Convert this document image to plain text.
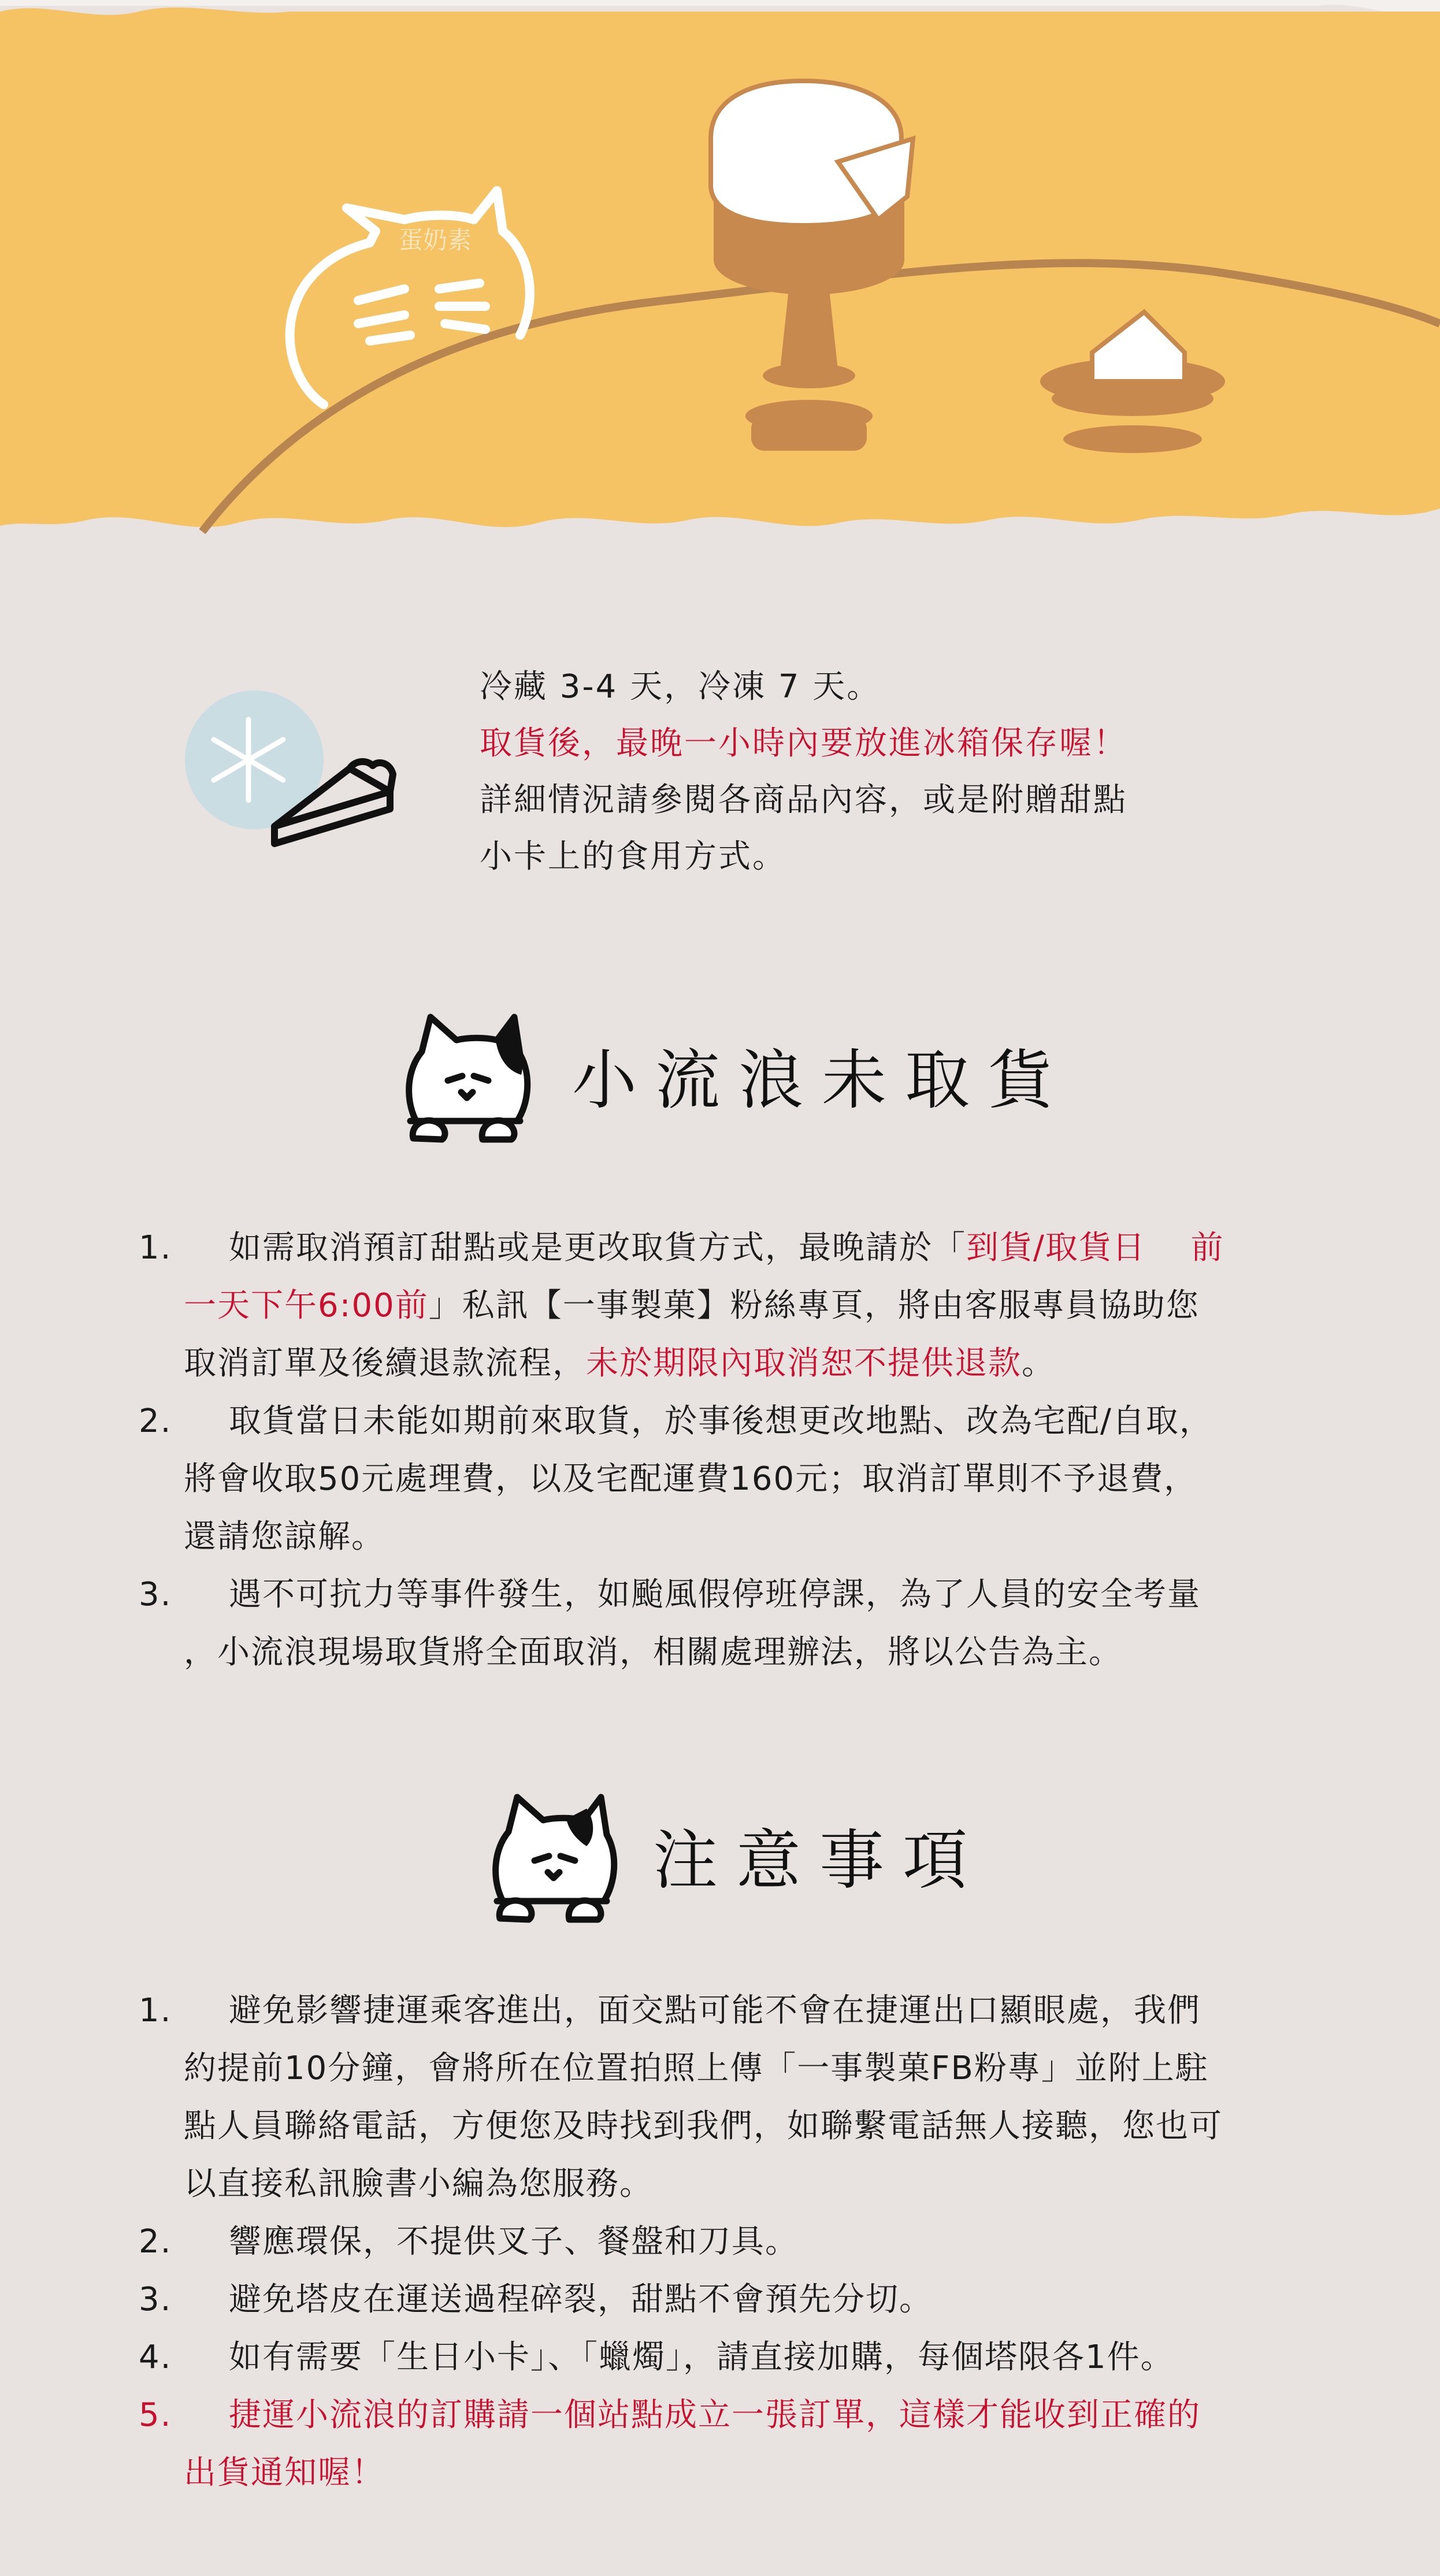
蛋奶素
冷藏 3-4 天，冷凍 7 天。
取貨後，最晚一小時內要放進冰箱保存喔！
詳細情況請參閱各商品內容，或是附贈甜點
小卡上的食用方式。
小流浪未取貨
1.	如需取消預訂甜點或是更改取貨方式，最晚請於「到貨/取貨日　 前
一天下午6:00前」私訊【一事製菓】粉絲專頁，將由客服專員協助您
取消訂單及後續退款流程，未於期限內取消恕不提供退款。
2.	取貨當日未能如期前來取貨，於事後想更改地點、改為宅配/自取，
將會收取50元處理費，以及宅配運費160元；取消訂單則不予退費，
還請您諒解。
3.	遇不可抗力等事件發生，如颱風假停班停課，為了人員的安全考量
，小流浪現場取貨將全面取消，相關處理辦法，將以公告為主。
注意事項
1.	避免影響捷運乘客進出，面交點可能不會在捷運出口顯眼處，我們
約提前10分鐘，會將所在位置拍照上傳「一事製菓FB粉專」並附上駐
點人員聯絡電話，方便您及時找到我們，如聯繫電話無人接聽，您也可
以直接私訊臉書小編為您服務。
2.	響應環保，不提供叉子、餐盤和刀具。
3.	避免塔皮在運送過程碎裂，甜點不會預先分切。
4.	如有需要「生日小卡」、「蠟燭」，請直接加購，每個塔限各1件。
5.	捷運小流浪的訂購請一個站點成立一張訂單，這樣才能收到正確的
出貨通知喔！
